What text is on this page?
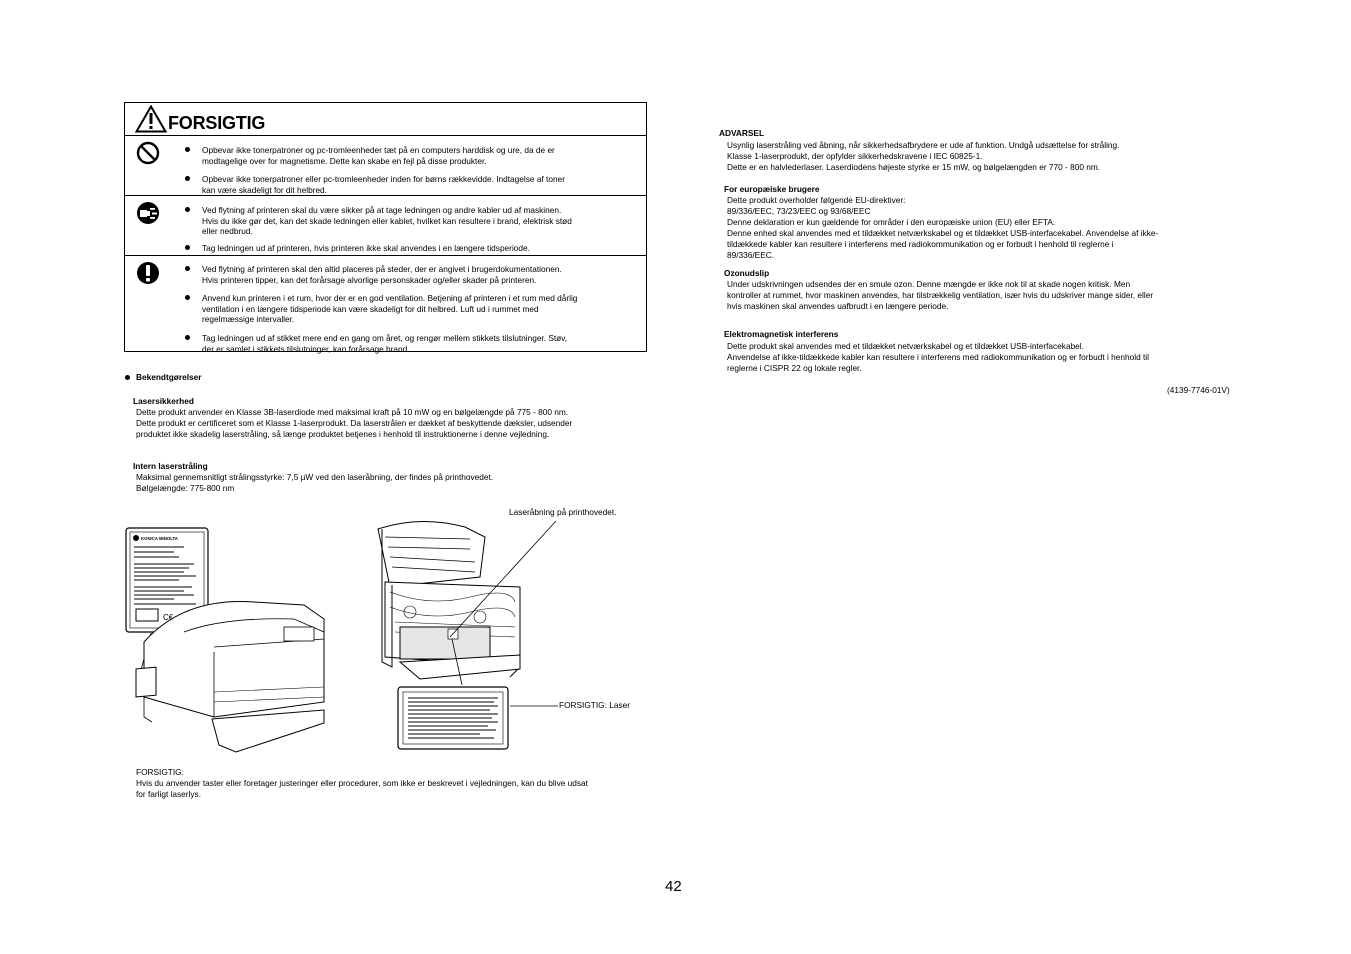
FORSIGTIG
Opbevar ikke tonerpatroner og pc-tromleenheder tæt på en computers harddisk og ure, da de er
modtagelige over for magnetisme. Dette kan skabe en fejl på disse produkter.
Opbevar ikke tonerpatroner eller pc-tromleenheder inden for børns rækkevidde. Indtagelse af toner
kan være skadeligt for dit helbred.
Ved flytning af printeren skal du være sikker på at tage ledningen og andre kabler ud af maskinen.
Hvis du ikke gør det, kan det skade ledningen eller kablet, hvilket kan resultere i brand, elektrisk stød
eller nedbrud.
Tag ledningen ud af printeren, hvis printeren ikke skal anvendes i en længere tidsperiode.
Ved flytning af printeren skal den altid placeres på steder, der er angivet i brugerdokumentationen.
Hvis printeren tipper, kan det forårsage alvorlige personskader og/eller skader på printeren.
Anvend kun printeren i et rum, hvor der er en god ventilation. Betjening af printeren i et rum med dårlig
ventilation i en længere tidsperiode kan være skadeligt for dit helbred. Luft ud i rummet med
regelmæssige intervaller.
Tag ledningen ud af stikket mere end en gang om året, og rengør mellem stikkets tilslutninger. Støv,
der er samlet i stikkets tilslutninger, kan forårsage brand.
Bekendtgørelser
Lasersikkerhed
Dette produkt anvender en Klasse 3B-laserdiode med maksimal kraft på 10 mW og en bølgelængde på 775 - 800 nm.
Dette produkt er certificeret som et Klasse 1-laserprodukt. Da laserstrålen er dækket af beskyttende dæksler, udsender
produktet ikke skadelig laserstråling, så længe produktet betjenes i henhold til instruktionerne i denne vejledning.
Intern laserstråling
Maksimal gennemsnitligt strålingsstyrke: 7,5 µW ved den laseråbning, der findes på printhovedet.
Bølgelængde: 775-800 nm
KONICA MINOLTA
C€
Laseråbning på printhovedet.
FORSIGTIG: Laser
FORSIGTIG:
Hvis du anvender taster eller foretager justeringer eller procedurer, som ikke er beskrevet i vejledningen, kan du blive udsat
for farligt laserlys.
ADVARSEL
Usynlig laserstråling ved åbning, når sikkerhedsafbrydere er ude af funktion. Undgå udsættelse for stråling.
Klasse 1-laserprodukt, der opfylder sikkerhedskravene i IEC 60825-1.
Dette er en halvlederlaser. Laserdiodens højeste styrke er 15 mW, og bølgelængden er 770 - 800 nm.
For europæiske brugere
Dette produkt overholder følgende EU-direktiver:
89/336/EEC, 73/23/EEC og 93/68/EEC
Denne deklaration er kun gældende for områder i den europæiske union (EU) eller EFTA.
Denne enhed skal anvendes med et tildækket netværkskabel og et tildækket USB-interfacekabel. Anvendelse af ikke-
tildækkede kabler kan resultere i interferens med radiokommunikation og er forbudt i henhold til reglerne i
89/336/EEC.
Ozonudslip
Under udskrivningen udsendes der en smule ozon. Denne mængde er ikke nok til at skade nogen kritisk. Men
kontroller at rummet, hvor maskinen anvendes, har tilstrækkelig ventilation, især hvis du udskriver mange sider, eller
hvis maskinen skal anvendes uafbrudt i en længere periode.
Elektromagnetisk interferens
Dette produkt skal anvendes med et tildækket netværkskabel og et tildækket USB-interfacekabel.
Anvendelse af ikke-tildækkede kabler kan resultere i interferens med radiokommunikation og er forbudt i henhold til
reglerne i CISPR 22 og lokale regler.
(4139-7746-01V)
42
